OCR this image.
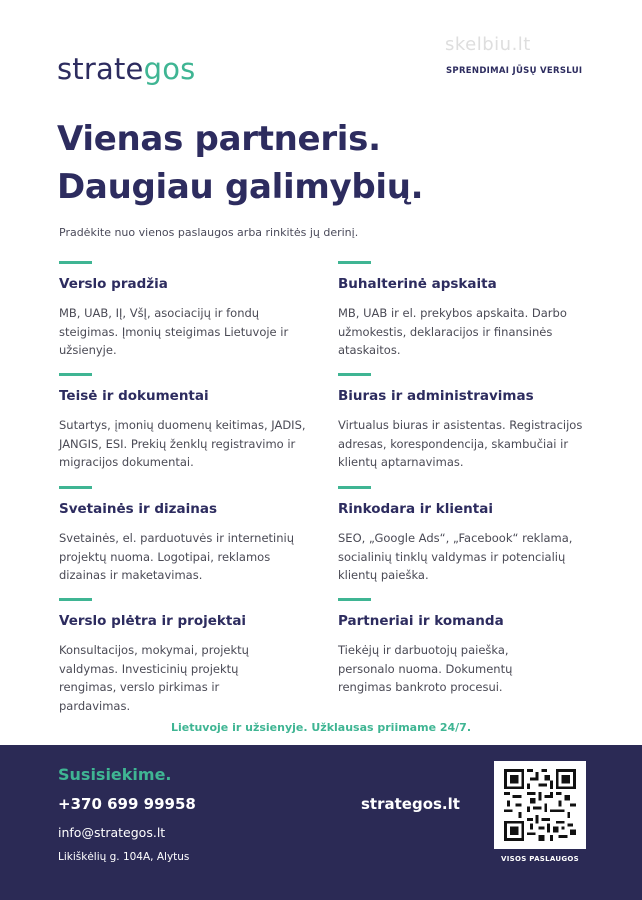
strategos
skelbiu.lt
SPRENDIMAI JŪSŲ VERSLUI
Vienas partneris.
Daugiau galimybių.
Pradėkite nuo vienos paslaugos arba rinkitės jų derinį.
Verslo pradžia
MB, UAB, IĮ, VšĮ, asociacijų ir fondų steigimas. Įmonių steigimas Lietuvoje ir užsienyje.
Buhalterinė apskaita
MB, UAB ir el. prekybos apskaita. Darbo užmokestis, deklaracijos ir finansinės ataskaitos.
Teisė ir dokumentai
Sutartys, įmonių duomenų keitimas, JADIS, JANGIS, ESI. Prekių ženklų registravimo ir migracijos dokumentai.
Biuras ir administravimas
Virtualus biuras ir asistentas. Registracijos adresas, korespondencija, skambučiai ir klientų aptarnavimas.
Svetainės ir dizainas
Svetainės, el. parduotuvės ir internetinių projektų nuoma. Logotipai, reklamos dizainas ir maketavimas.
Rinkodara ir klientai
SEO, „Google Ads“, „Facebook“ reklama, socialinių tinklų valdymas ir potencialių klientų paieška.
Verslo plėtra ir projektai
Konsultacijos, mokymai, projektų valdymas. Investicinių projektų rengimas, verslo pirkimas ir pardavimas.
Partneriai ir komanda
Tiekėjų ir darbuotojų paieška, personalo nuoma. Dokumentų rengimas bankroto procesui.
Lietuvoje ir užsienyje. Užklausas priimame 24/7.
Susisiekime.
+370 699 99958
info@strategos.lt
Likiškėlių g. 104A, Alytus
strategos.lt
VISOS PASLAUGOS
